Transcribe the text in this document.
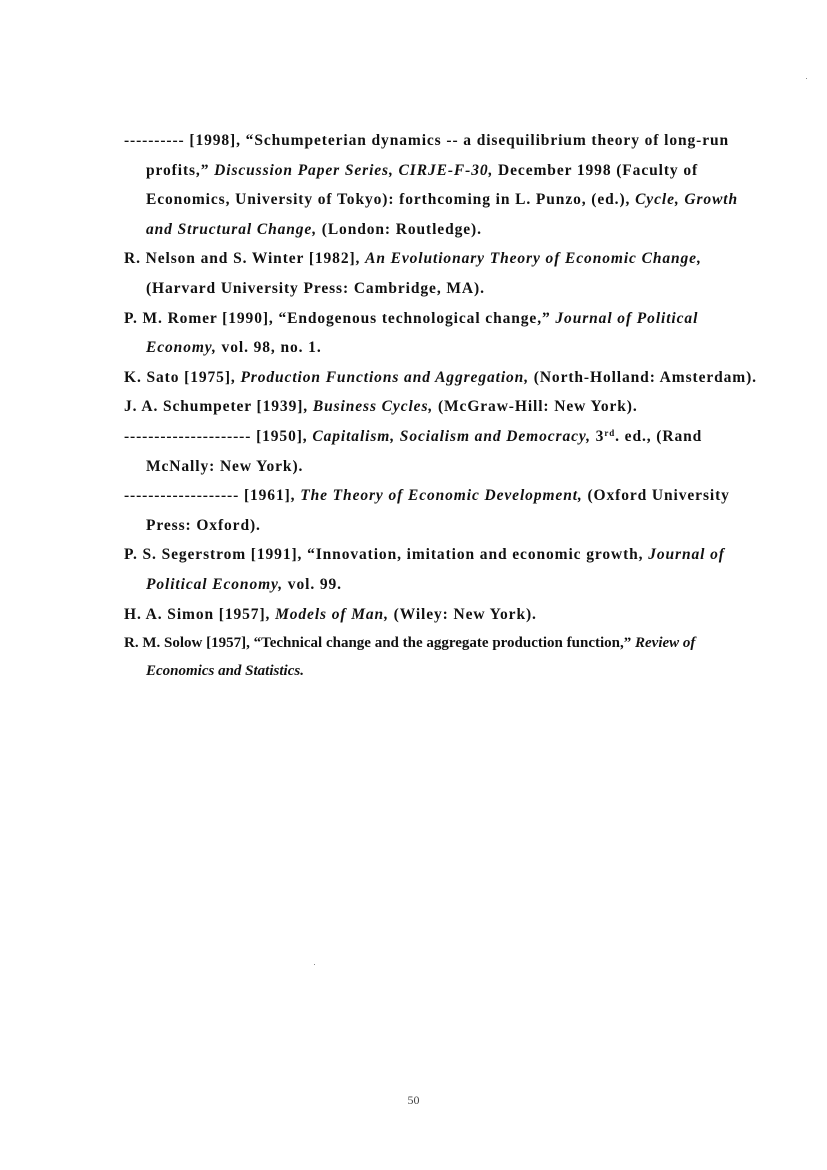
---------- [1998], “Schumpeterian dynamics -- a disequilibrium theory of long-run profits,” Discussion Paper Series, CIRJE-F-30, December 1998 (Faculty of Economics, University of Tokyo): forthcoming in L. Punzo, (ed.), Cycle, Growth and Structural Change, (London: Routledge).

R. Nelson and S. Winter [1982], An Evolutionary Theory of Economic Change, (Harvard University Press: Cambridge, MA).

P. M. Romer [1990], “Endogenous technological change,” Journal of Political Economy, vol. 98, no. 1.

K. Sato [1975], Production Functions and Aggregation, (North-Holland: Amsterdam).

J. A. Schumpeter [1939], Business Cycles, (McGraw-Hill: New York).

--------------------- [1950], Capitalism, Socialism and Democracy, 3rd. ed., (Rand McNally: New York).

------------------- [1961], The Theory of Economic Development, (Oxford University Press: Oxford).

P. S. Segerstrom [1991], “Innovation, imitation and economic growth, Journal of Political Economy, vol. 99.

H. A. Simon [1957], Models of Man, (Wiley: New York).

R. M. Solow [1957], “Technical change and the aggregate production function,” Review of Economics and Statistics.

50
